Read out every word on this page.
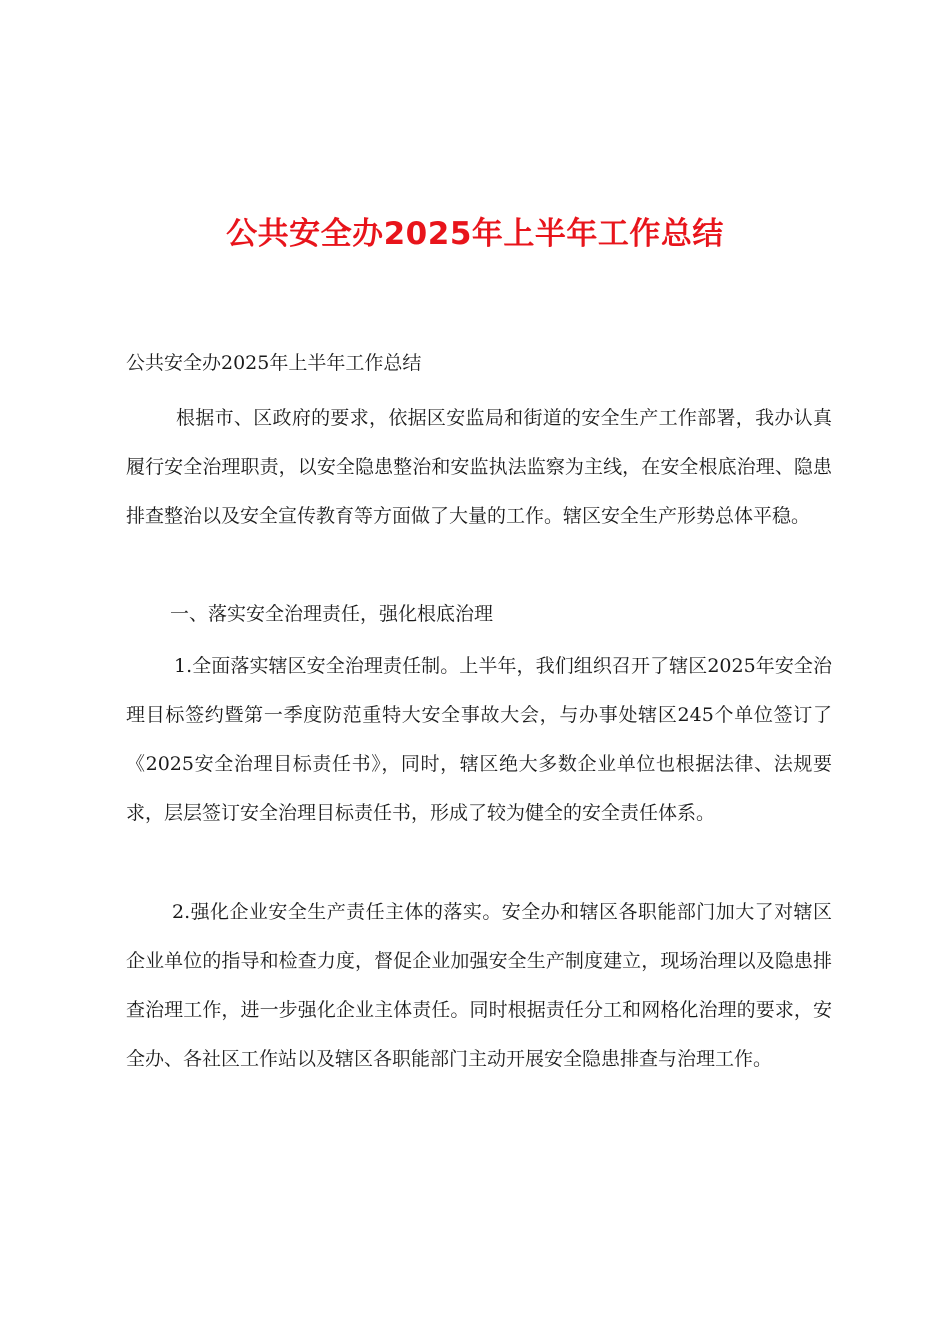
公共安全办2025年上半年工作总结

公共安全办2025年上半年工作总结

根据市、区政府的要求，依据区安监局和街道的安全生产工作部署，我办认真履行安全治理职责，以安全隐患整治和安监执法监察为主线，在安全根底治理、隐患排查整治以及安全宣传教育等方面做了大量的工作。辖区安全生产形势总体平稳。

一、落实安全治理责任，强化根底治理

1.全面落实辖区安全治理责任制。上半年，我们组织召开了辖区2025年安全治理目标签约暨第一季度防范重特大安全事故大会，与办事处辖区245个单位签订了《2025安全治理目标责任书》，同时，辖区绝大多数企业单位也根据法律、法规要求，层层签订安全治理目标责任书，形成了较为健全的安全责任体系。

2.强化企业安全生产责任主体的落实。安全办和辖区各职能部门加大了对辖区企业单位的指导和检查力度，督促企业加强安全生产制度建立，现场治理以及隐患排查治理工作，进一步强化企业主体责任。同时根据责任分工和网格化治理的要求，安全办、各社区工作站以及辖区各职能部门主动开展安全隐患排查与治理工作。
